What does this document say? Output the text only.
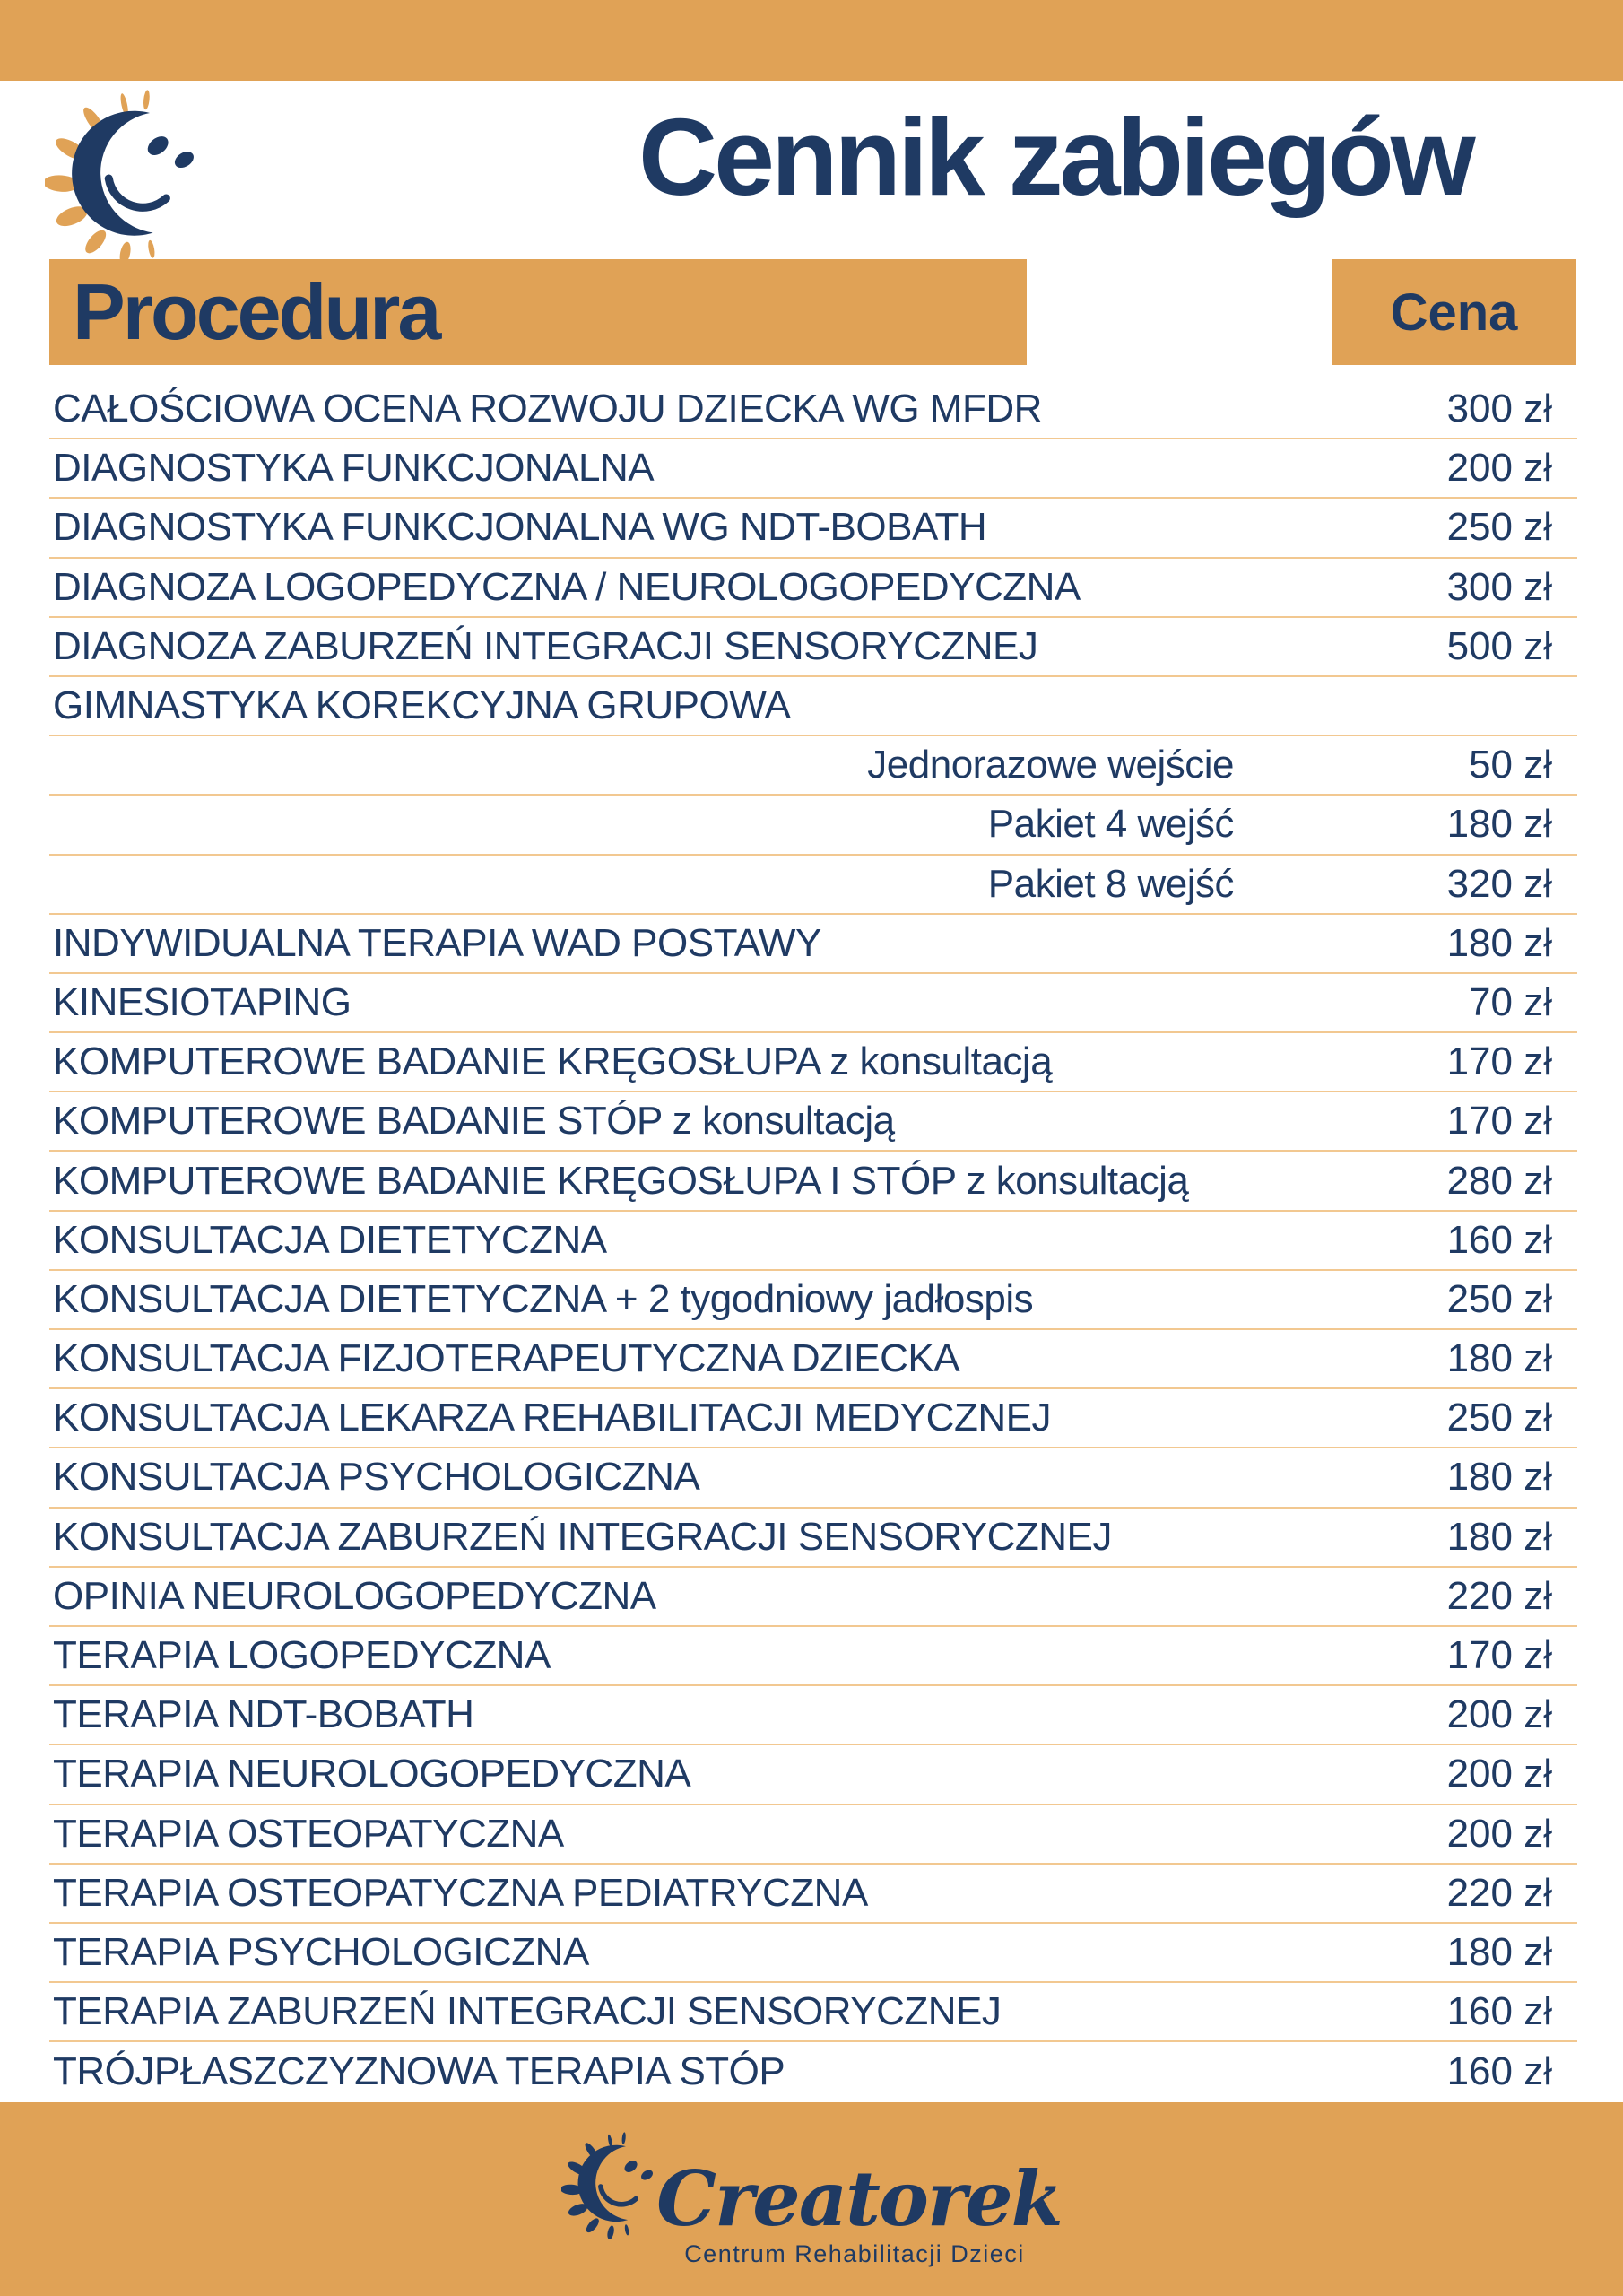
Cennik zabiegów
Procedura	Cena
CAŁOŚCIOWA OCENA ROZWOJU DZIECKA WG MFDR	300 zł
DIAGNOSTYKA FUNKCJONALNA	200 zł
DIAGNOSTYKA FUNKCJONALNA WG NDT-BOBATH	250 zł
DIAGNOZA LOGOPEDYCZNA / NEUROLOGOPEDYCZNA	300 zł
DIAGNOZA ZABURZEŃ INTEGRACJI SENSORYCZNEJ	500 zł
GIMNASTYKA KOREKCYJNA GRUPOWA
Jednorazowe wejście	50 zł
Pakiet 4 wejść	180 zł
Pakiet 8 wejść	320 zł
INDYWIDUALNA TERAPIA WAD POSTAWY	180 zł
KINESIOTAPING	70 zł
KOMPUTEROWE BADANIE KRĘGOSŁUPA z konsultacją	170 zł
KOMPUTEROWE BADANIE STÓP z konsultacją	170 zł
KOMPUTEROWE BADANIE KRĘGOSŁUPA I STÓP z konsultacją	280 zł
KONSULTACJA DIETETYCZNA	160 zł
KONSULTACJA DIETETYCZNA + 2 tygodniowy jadłospis	250 zł
KONSULTACJA FIZJOTERAPEUTYCZNA DZIECKA	180 zł
KONSULTACJA LEKARZA REHABILITACJI MEDYCZNEJ	250 zł
KONSULTACJA PSYCHOLOGICZNA	180 zł
KONSULTACJA ZABURZEŃ INTEGRACJI SENSORYCZNEJ	180 zł
OPINIA NEUROLOGOPEDYCZNA	220 zł
TERAPIA LOGOPEDYCZNA	170 zł
TERAPIA NDT-BOBATH	200 zł
TERAPIA NEUROLOGOPEDYCZNA	200 zł
TERAPIA OSTEOPATYCZNA	200 zł
TERAPIA OSTEOPATYCZNA PEDIATRYCZNA	220 zł
TERAPIA PSYCHOLOGICZNA	180 zł
TERAPIA ZABURZEŃ INTEGRACJI SENSORYCZNEJ	160 zł
TRÓJPŁASZCZYZNOWA TERAPIA STÓP	160 zł
Creatorek
Centrum Rehabilitacji Dzieci
